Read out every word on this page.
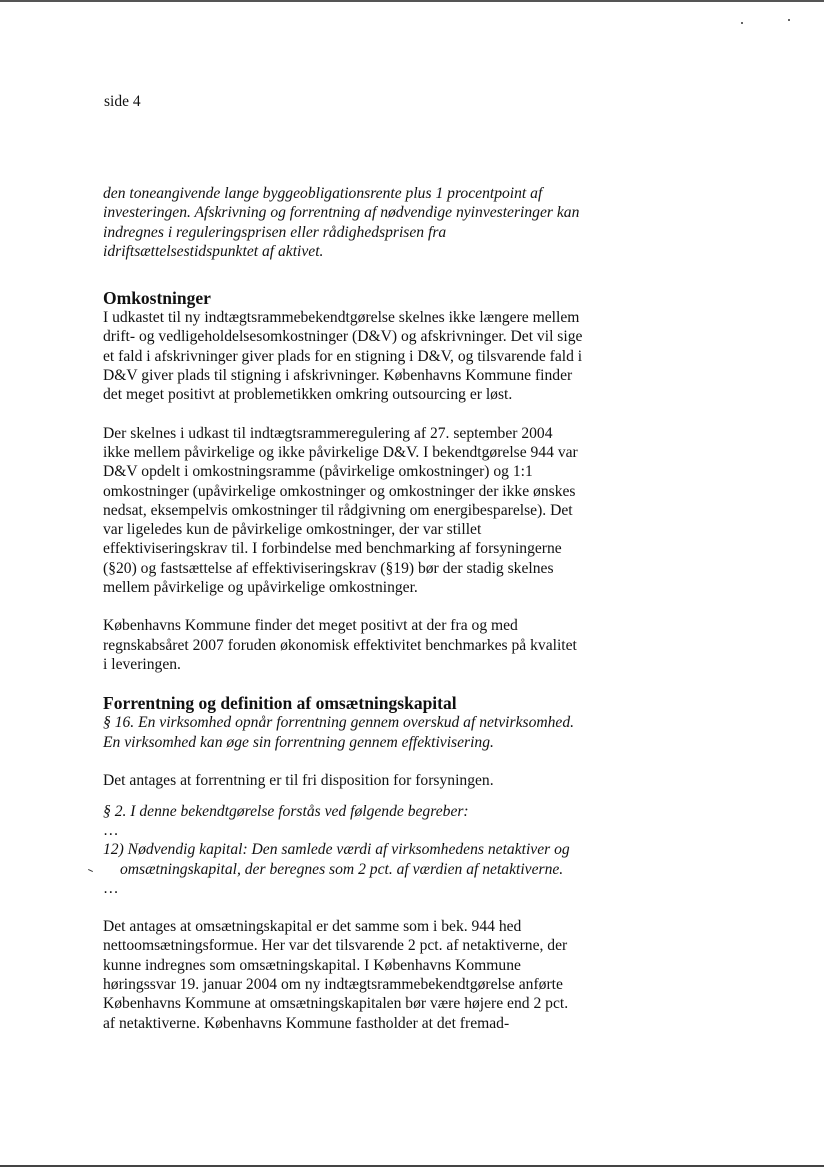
side 4

den toneangivende lange byggeobligationsrente plus 1 procentpoint af investeringen. Afskrivning og forrentning af nødvendige nyinvesteringer kan indregnes i reguleringsprisen eller rådighedsprisen fra idriftsættelsestidspunktet af aktivet.

Omkostninger

I udkastet til ny indtægtsrammebekendtgørelse skelnes ikke længere mellem drift- og vedligeholdelsesomkostninger (D&V) og afskrivninger. Det vil sige et fald i afskrivninger giver plads for en stigning i D&V, og tilsvarende fald i D&V giver plads til stigning i afskrivninger. Københavns Kommune finder det meget positivt at problemetikken omkring outsourcing er løst.

Der skelnes i udkast til indtægtsrammeregulering af 27. september 2004 ikke mellem påvirkelige og ikke påvirkelige D&V. I bekendtgørelse 944 var D&V opdelt i omkostningsramme (påvirkelige omkostninger) og 1:1 omkostninger (upåvirkelige omkostninger og omkostninger der ikke ønskes nedsat, eksempelvis omkostninger til rådgivning om energibesparelse). Det var ligeledes kun de påvirkelige omkostninger, der var stillet effektiviseringskrav til. I forbindelse med benchmarking af forsyningerne (§20) og fastsættelse af effektiviseringskrav (§19) bør der stadig skelnes mellem påvirkelige og upåvirkelige omkostninger.

Københavns Kommune finder det meget positivt at der fra og med regnskabsåret 2007 foruden økonomisk effektivitet benchmarkes på kvalitet i leveringen.

Forrentning og definition af omsætningskapital

§ 16. En virksomhed opnår forrentning gennem overskud af netvirksomhed. En virksomhed kan øge sin forrentning gennem effektivisering.

Det antages at forrentning er til fri disposition for forsyningen.

§ 2. I denne bekendtgørelse forstås ved følgende begreber:

…

12) Nødvendig kapital: Den samlede værdi af virksomhedens netaktiver og omsætningskapital, der beregnes som 2 pct. af værdien af netaktiverne.

…

Det antages at omsætningskapital er det samme som i bek. 944 hed nettoomsætningsformue. Her var det tilsvarende 2 pct. af netaktiverne, der kunne indregnes som omsætningskapital. I Københavns Kommune høringssvar 19. januar 2004 om ny indtægtsrammebekendtgørelse anførte Københavns Kommune at omsætningskapitalen bør være højere end 2 pct. af netaktiverne. Københavns Kommune fastholder at det fremad-
